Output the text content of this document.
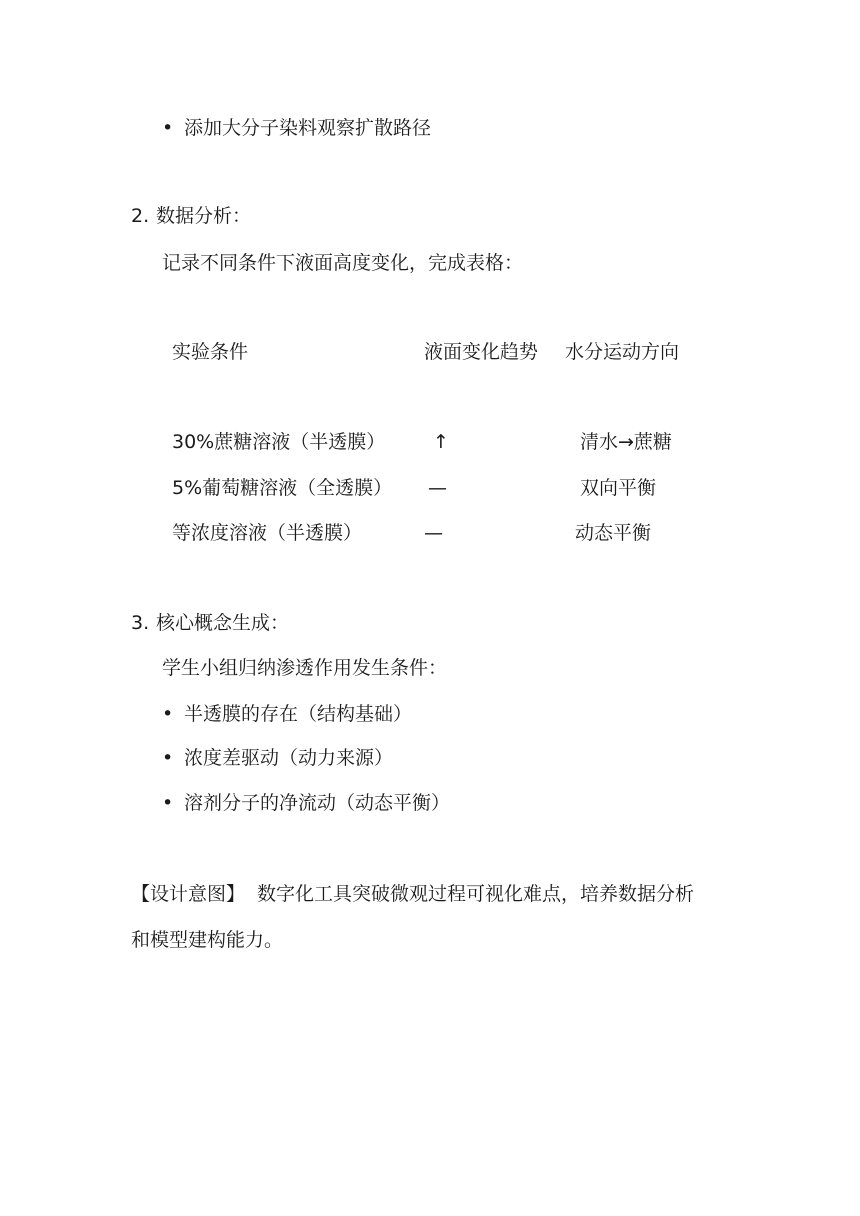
• 添加大分子染料观察扩散路径
2. 数据分析：
记录不同条件下液面高度变化，完成表格：
实验条件	液面变化趋势 水分运动方向
30%蔗糖溶液（半透膜）	↑	清水→蔗糖
5%葡萄糖溶液（全透膜） —	双向平衡
等浓度溶液（半透膜）	—	动态平衡
3. 核心概念生成：
学生小组归纳渗透作用发生条件：
• 半透膜的存在（结构基础）
• 浓度差驱动（动力来源）
• 溶剂分子的净流动（动态平衡）
【设计意图】 数字化工具突破微观过程可视化难点，培养数据分析
和模型建构能力。
